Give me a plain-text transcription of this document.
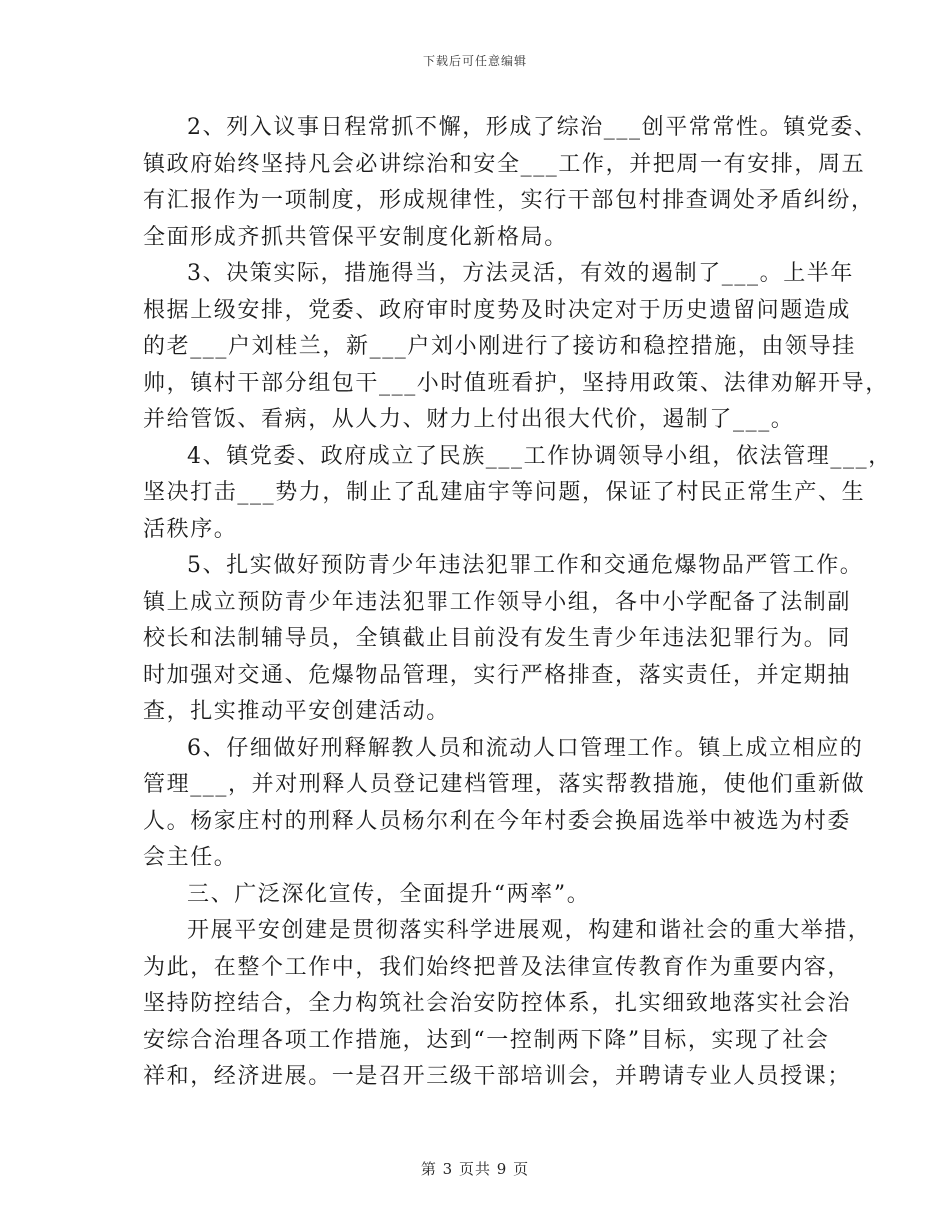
下载后可任意编辑

2、列入议事日程常抓不懈，形成了综治___创平常常性。镇党委、
镇政府始终坚持凡会必讲综治和安全___工作，并把周一有安排，周五
有汇报作为一项制度，形成规律性，实行干部包村排查调处矛盾纠纷，
全面形成齐抓共管保平安制度化新格局。

3、决策实际，措施得当，方法灵活，有效的遏制了___。上半年
根据上级安排，党委、政府审时度势及时决定对于历史遗留问题造成
的老___户刘桂兰，新___户刘小刚进行了接访和稳控措施，由领导挂
帅，镇村干部分组包干___小时值班看护，坚持用政策、法律劝解开导，
并给管饭、看病，从人力、财力上付出很大代价，遏制了___。

4、镇党委、政府成立了民族___工作协调领导小组，依法管理___，
坚决打击___势力，制止了乱建庙宇等问题，保证了村民正常生产、生
活秩序。

5、扎实做好预防青少年违法犯罪工作和交通危爆物品严管工作。
镇上成立预防青少年违法犯罪工作领导小组，各中小学配备了法制副
校长和法制辅导员，全镇截止目前没有发生青少年违法犯罪行为。同
时加强对交通、危爆物品管理，实行严格排查，落实责任，并定期抽
查，扎实推动平安创建活动。

6、仔细做好刑释解教人员和流动人口管理工作。镇上成立相应的
管理___，并对刑释人员登记建档管理，落实帮教措施，使他们重新做
人。杨家庄村的刑释人员杨尔利在今年村委会换届选举中被选为村委
会主任。

三、广泛深化宣传，全面提升“两率”。

开展平安创建是贯彻落实科学进展观，构建和谐社会的重大举措，
为此，在整个工作中，我们始终把普及法律宣传教育作为重要内容，
坚持防控结合，全力构筑社会治安防控体系，扎实细致地落实社会治
安综合治理各项工作措施，达到“一控制两下降”目标，实现了社会
祥和，经济进展。一是召开三级干部培训会，并聘请专业人员授课；

第 3 页共 9 页
